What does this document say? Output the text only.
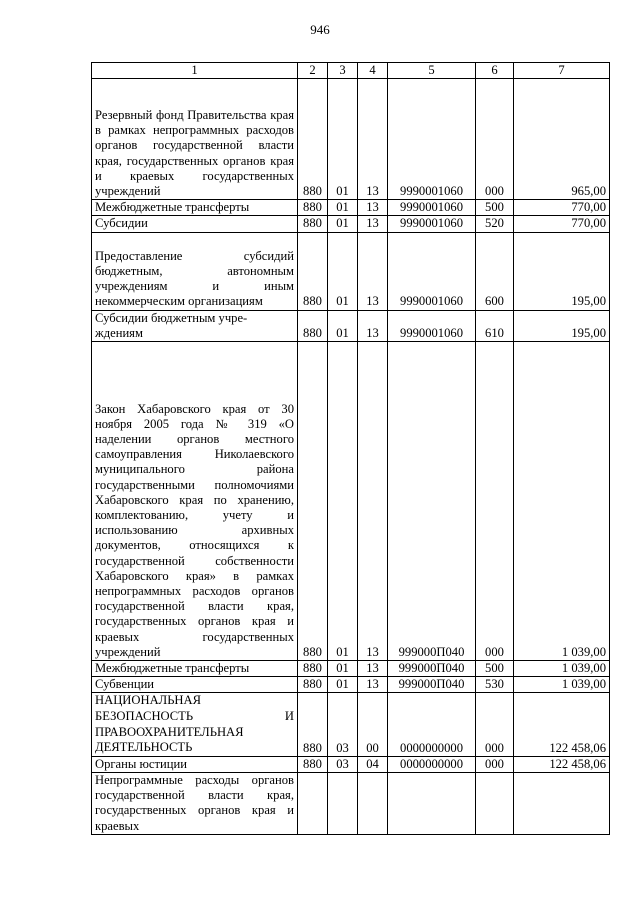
946
1	2	3	4	5	6	7

Резервный фонд Правительства края в рамках непрограммных расходов органов государственной власти края, государственных органов края и краевых государственных учреждений	880	01	13	9990001060	000	965,00

Межбюджетные трансферты	880	01	13	9990001060	500	770,00

Субсидии	880	01	13	9990001060	520	770,00

Предоставление субсидий бюджетным, автономным учреждениям и иным некоммерческим организациям	880	01	13	9990001060	600	195,00

Субсидии бюджетным учре-
ждениям	880	01	13	9990001060	610	195,00

Закон Хабаровского края от 30 ноября 2005 года № 319 «О наделении органов местного самоуправления Николаевского муниципального района государственными полномочиями Хабаровского края по хранению, комплектованию, учету и использованию архивных документов, относящихся к государственной собственности Хабаровского края» в рамках непрограммных расходов органов государственной власти края, государственных органов края и краевых государственных учреждений	880	01	13	999000П040	000	1 039,00

Межбюджетные трансферты	880	01	13	999000П040	500	1 039,00

Субвенции	880	01	13	999000П040	530	1 039,00

НАЦИОНАЛЬНАЯ БЕЗОПАСНОСТЬ И ПРАВООХРАНИТЕЛЬНАЯ ДЕЯТЕЛЬНОСТЬ	880	03	00	0000000000	000	122 458,06

Органы юстиции	880	03	04	0000000000	000	122 458,06

Непрограммные расходы органов государственной власти края, государственных органов края и краевых						
